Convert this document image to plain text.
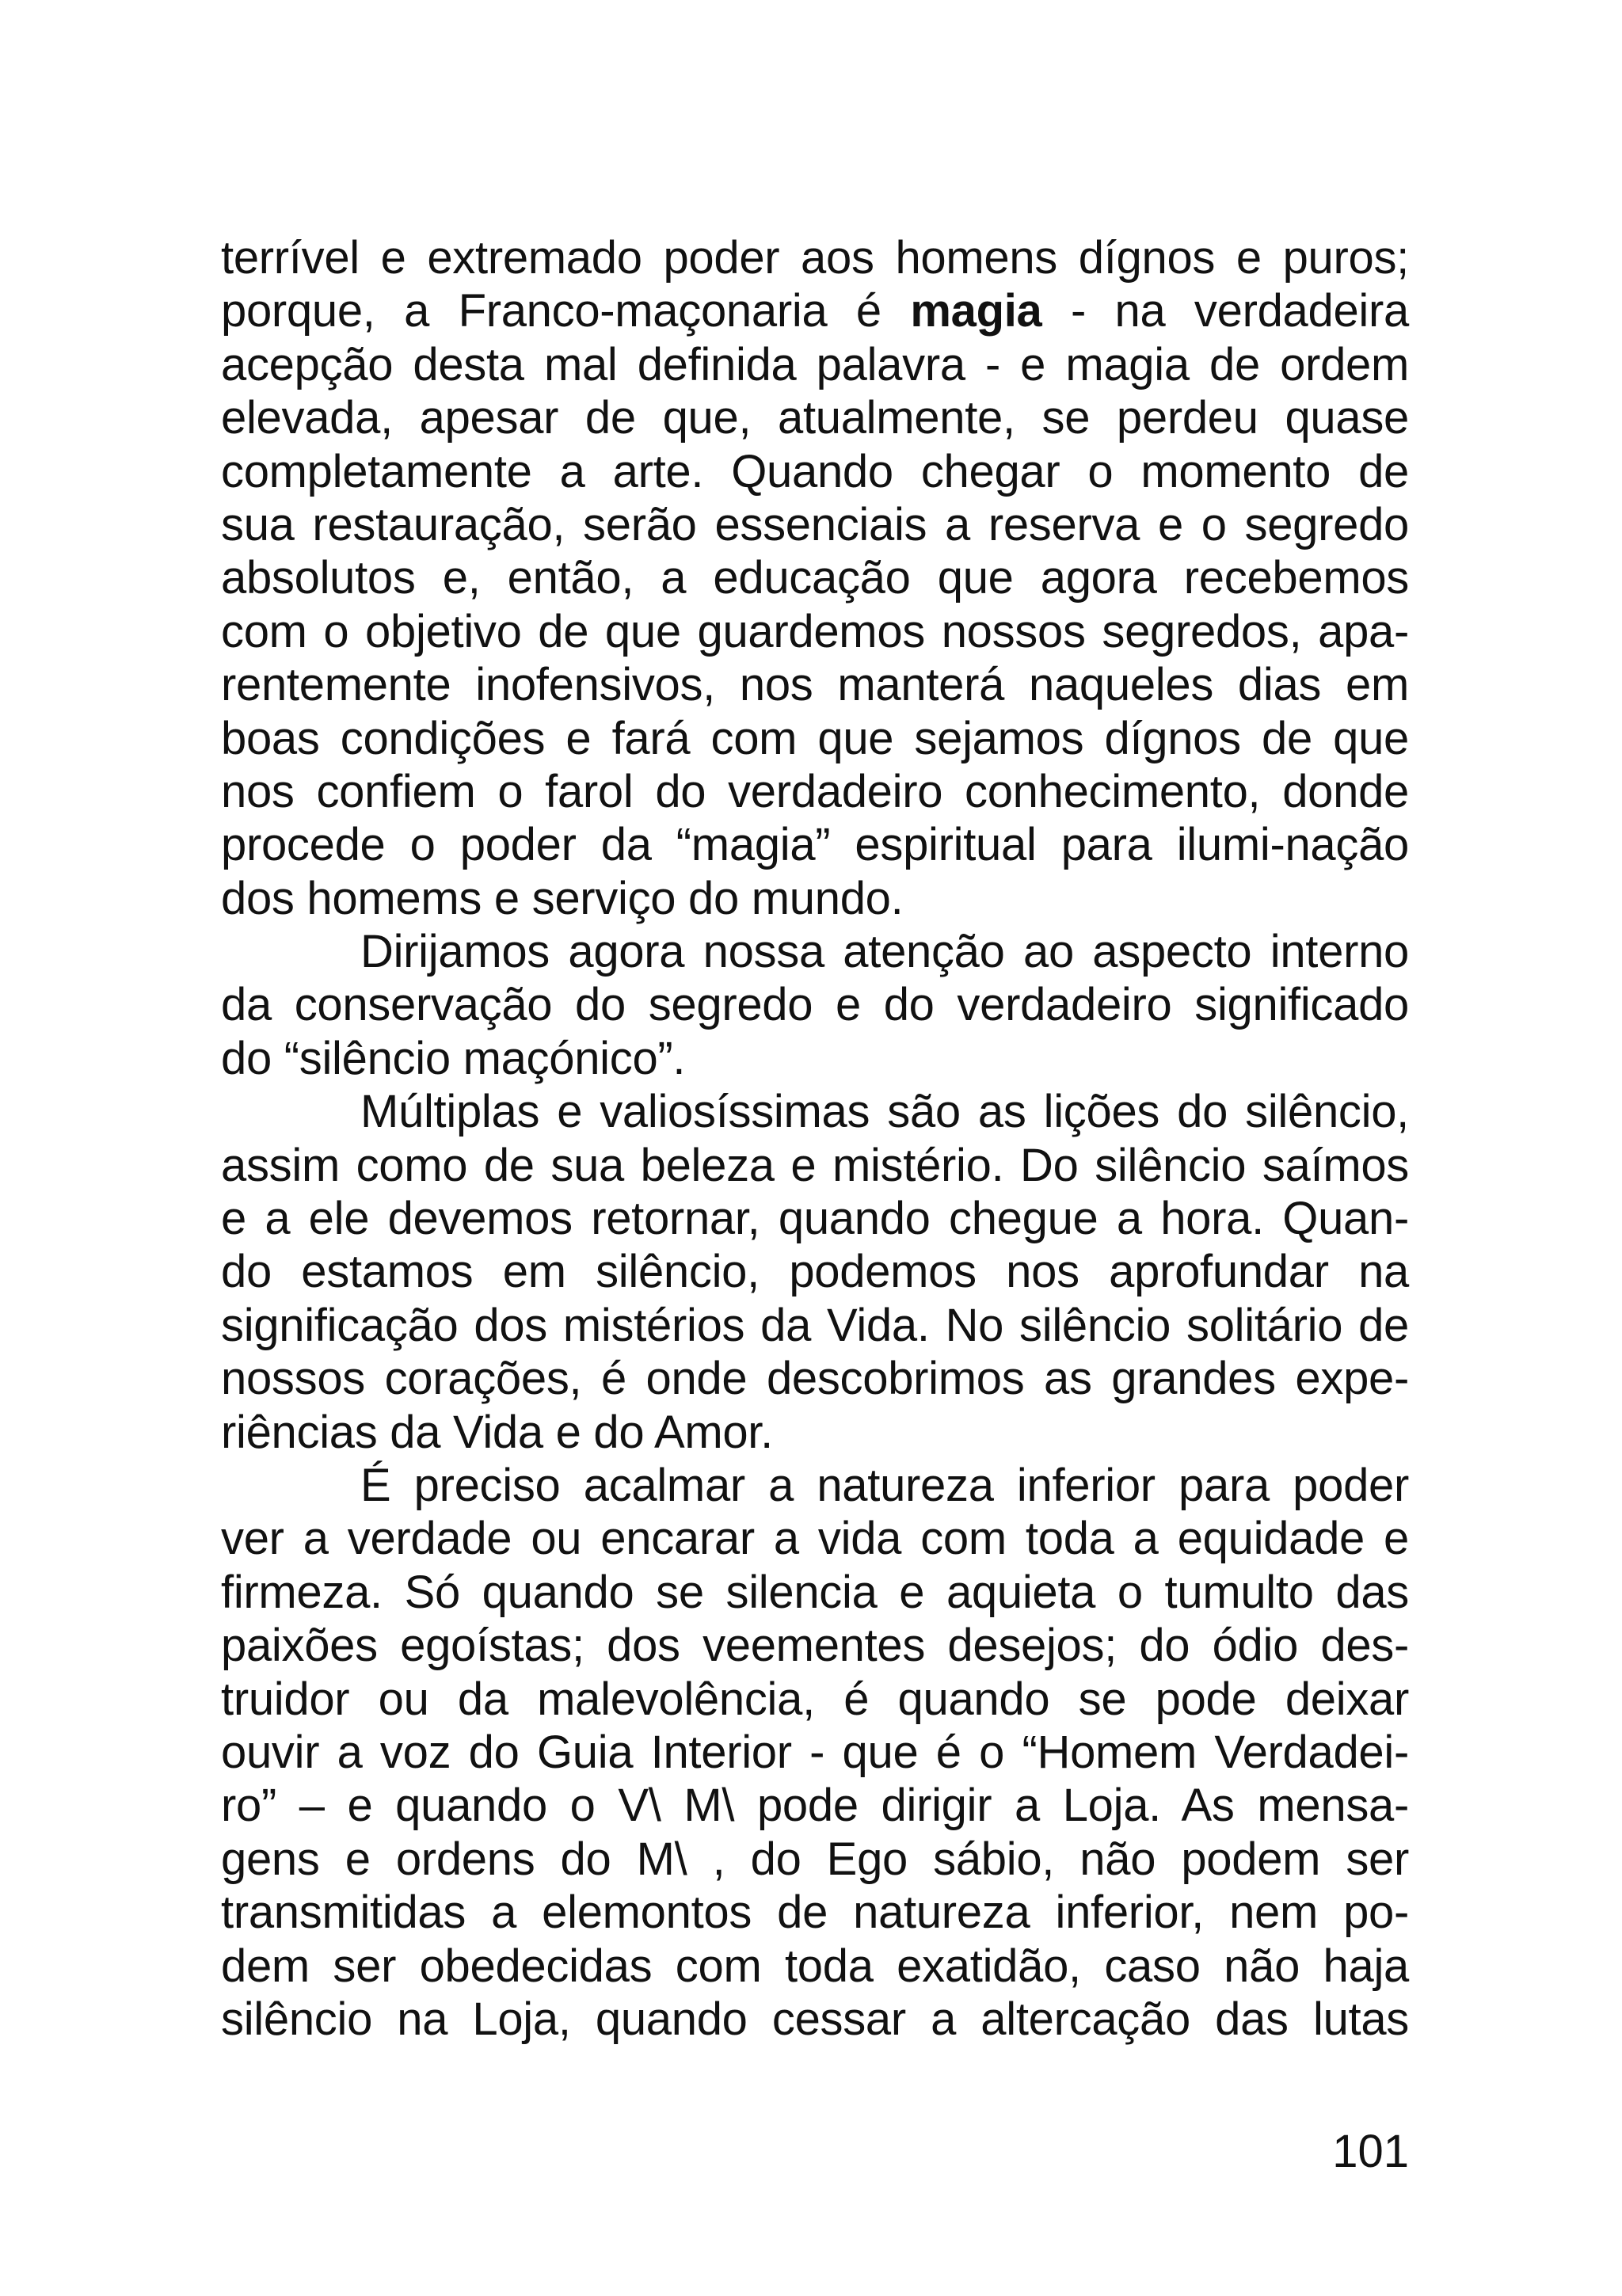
terrível e extremado poder aos homens dígnos e puros;
porque, a Franco-maçonaria é magia - na verdadeira
acepção desta mal definida palavra - e magia de ordem
elevada, apesar de que, atualmente, se perdeu quase
completamente a arte. Quando chegar o momento de
sua restauração, serão essenciais a reserva e o segredo
absolutos e, então, a educação que agora recebemos
com o objetivo de que guardemos nossos segredos, apa-
rentemente inofensivos, nos manterá naqueles dias em
boas condições e fará com que sejamos dígnos de que
nos confiem o farol do verdadeiro conhecimento, donde
procede o poder da “magia” espiritual para ilumi-nação
dos homems e serviço do mundo.
Dirijamos agora nossa atenção ao aspecto interno
da conservação do segredo e do verdadeiro significado
do “silêncio maçónico”.
Múltiplas e valiosíssimas são as lições do silêncio,
assim como de sua beleza e mistério. Do silêncio saímos
e a ele devemos retornar, quando chegue a hora. Quan-
do estamos em silêncio, podemos nos aprofundar na
significação dos mistérios da Vida. No silêncio solitário de
nossos corações, é onde descobrimos as grandes expe-
riências da Vida e do Amor.
É preciso acalmar a natureza inferior para poder
ver a verdade ou encarar a vida com toda a equidade e
firmeza. Só quando se silencia e aquieta o tumulto das
paixões egoístas; dos veementes desejos; do ódio des-
truidor ou da malevolência, é quando se pode deixar
ouvir a voz do Guia Interior - que é o “Homem Verdadei-
ro” – e quando o V\ M\ pode dirigir a Loja. As mensa-
gens e ordens do M\ , do Ego sábio, não podem ser
transmitidas a elemontos de natureza inferior, nem po-
dem ser obedecidas com toda exatidão, caso não haja
silêncio na Loja, quando cessar a altercação das lutas
101
